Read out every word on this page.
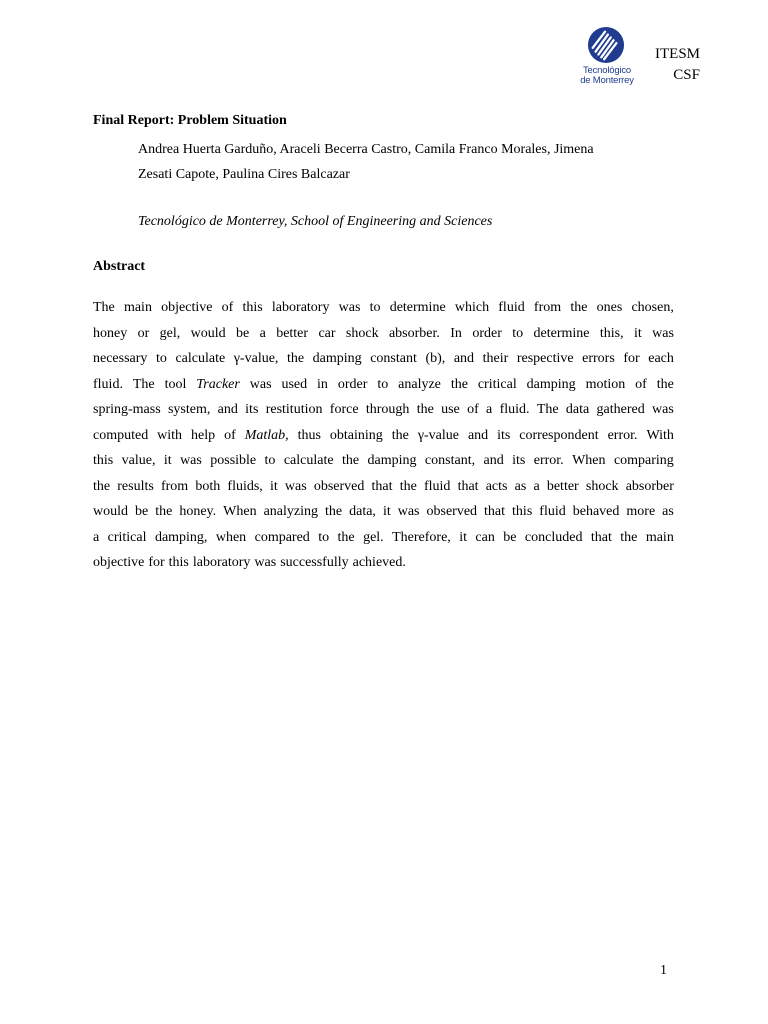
Tecnológico
de Monterrey
ITESM
CSF
Final Report: Problem Situation
Andrea Huerta Garduño, Araceli Becerra Castro, Camila Franco Morales, Jimena
Zesati Capote, Paulina Cires Balcazar
Tecnológico de Monterrey, School of Engineering and Sciences
Abstract
The main objective of this laboratory was to determine which fluid from the ones chosen,
honey or gel, would be a better car shock absorber. In order to determine this, it was
necessary to calculate γ-value, the damping constant (b), and their respective errors for each
fluid. The tool Tracker was used in order to analyze the critical damping motion of the
spring-mass system, and its restitution force through the use of a fluid. The data gathered was
computed with help of Matlab, thus obtaining the γ-value and its correspondent error. With
this value, it was possible to calculate the damping constant, and its error. When comparing
the results from both fluids, it was observed that the fluid that acts as a better shock absorber
would be the honey. When analyzing the data, it was observed that this fluid behaved more as
a critical damping, when compared to the gel. Therefore, it can be concluded that the main
objective for this laboratory was successfully achieved.
1
